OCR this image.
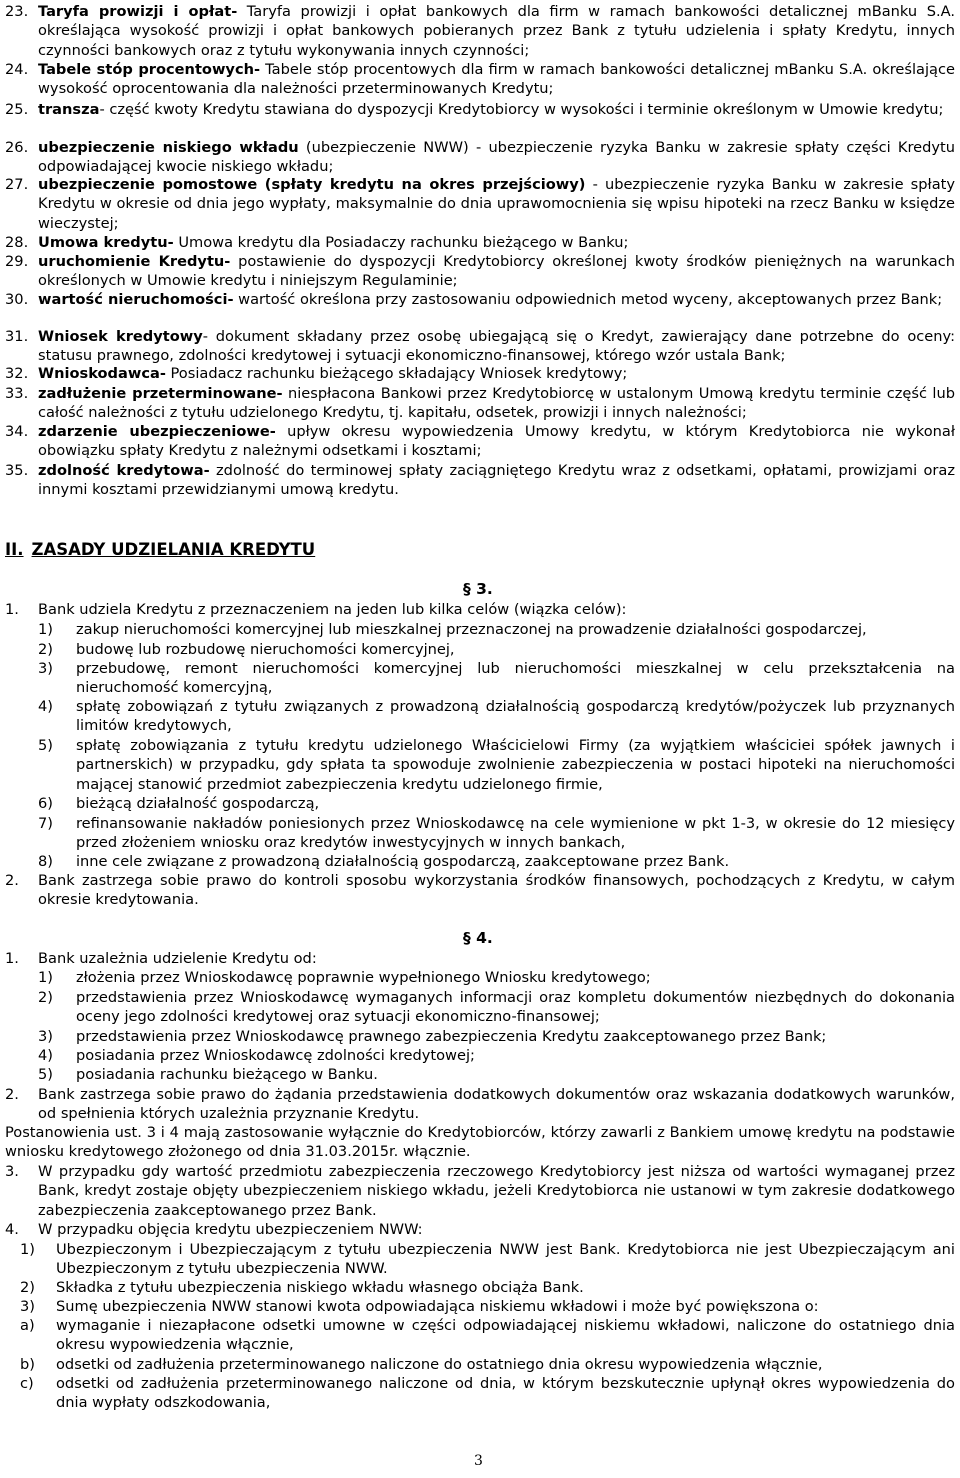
23. Taryfa prowizji i opłat- Taryfa prowizji i opłat bankowych dla firm w ramach bankowości detalicznej mBanku S.A. określająca wysokość prowizji i opłat bankowych pobieranych przez Bank z tytułu udzielenia i spłaty Kredytu, innych czynności bankowych oraz z tytułu wykonywania innych czynności;
24. Tabele stóp procentowych- Tabele stóp procentowych dla firm w ramach bankowości detalicznej mBanku S.A. określające wysokość oprocentowania dla należności przeterminowanych Kredytu;
25. transza- część kwoty Kredytu stawiana do dyspozycji Kredytobiorcy w wysokości i terminie określonym w Umowie kredytu;
26. ubezpieczenie niskiego wkładu (ubezpieczenie NWW) - ubezpieczenie ryzyka Banku w zakresie spłaty części Kredytu odpowiadającej kwocie niskiego wkładu;
27. ubezpieczenie pomostowe (spłaty kredytu na okres przejściowy) - ubezpieczenie ryzyka Banku w zakresie spłaty Kredytu w okresie od dnia jego wypłaty, maksymalnie do dnia uprawomocnienia się wpisu hipoteki na rzecz Banku w księdze wieczystej;
28. Umowa kredytu- Umowa kredytu dla Posiadaczy rachunku bieżącego w Banku;
29. uruchomienie Kredytu- postawienie do dyspozycji Kredytobiorcy określonej kwoty środków pieniężnych na warunkach określonych w Umowie kredytu i niniejszym Regulaminie;
30. wartość nieruchomości- wartość określona przy zastosowaniu odpowiednich metod wyceny, akceptowanych przez Bank;
31. Wniosek kredytowy- dokument składany przez osobę ubiegającą się o Kredyt, zawierający dane potrzebne do oceny: statusu prawnego, zdolności kredytowej i sytuacji ekonomiczno-finansowej, którego wzór ustala Bank;
32. Wnioskodawca- Posiadacz rachunku bieżącego składający Wniosek kredytowy;
33. zadłużenie przeterminowane- niespłacona Bankowi przez Kredytobiorcę w ustalonym Umową kredytu terminie część lub całość należności z tytułu udzielonego Kredytu, tj. kapitału, odsetek, prowizji i innych należności;
34. zdarzenie ubezpieczeniowe- upływ okresu wypowiedzenia Umowy kredytu, w którym Kredytobiorca nie wykonał obowiązku spłaty Kredytu z należnymi odsetkami i kosztami;
35. zdolność kredytowa- zdolność do terminowej spłaty zaciągniętego Kredytu wraz z odsetkami, opłatami, prowizjami oraz innymi kosztami przewidzianymi umową kredytu.
II. ZASADY UDZIELANIA KREDYTU
§ 3.
1.	Bank udziela Kredytu z przeznaczeniem na jeden lub kilka celów (wiązka celów):
1)	zakup nieruchomości komercyjnej lub mieszkalnej przeznaczonej na prowadzenie działalności gospodarczej,
2)	budowę lub rozbudowę nieruchomości komercyjnej,
3)	przebudowę, remont nieruchomości komercyjnej lub nieruchomości mieszkalnej w celu przekształcenia na nieruchomość komercyjną,
4)	spłatę zobowiązań z tytułu związanych z prowadzoną działalnością gospodarczą kredytów/pożyczek lub przyznanych limitów kredytowych,
5)	spłatę zobowiązania z tytułu kredytu udzielonego Właścicielowi Firmy (za wyjątkiem właściciei spółek jawnych i partnerskich) w przypadku, gdy spłata ta spowoduje zwolnienie zabezpieczenia w postaci hipoteki na nieruchomości mającej stanowić przedmiot zabezpieczenia kredytu udzielonego firmie,
6)	bieżącą działalność gospodarczą,
7)	refinansowanie nakładów poniesionych przez Wnioskodawcę na cele wymienione w pkt 1-3, w okresie do 12 miesięcy przed złożeniem wniosku oraz kredytów inwestycyjnych w innych bankach,
8)	inne cele związane z prowadzoną działalnością gospodarczą, zaakceptowane przez Bank.
2.	Bank zastrzega sobie prawo do kontroli sposobu wykorzystania środków finansowych, pochodzących z Kredytu, w całym okresie kredytowania.
§ 4.
1.	Bank uzależnia udzielenie Kredytu od:
1)	złożenia przez Wnioskodawcę poprawnie wypełnionego Wniosku kredytowego;
2)	przedstawienia przez Wnioskodawcę wymaganych informacji oraz kompletu dokumentów niezbędnych do dokonania oceny jego zdolności kredytowej oraz sytuacji ekonomiczno-finansowej;
3)	przedstawienia przez Wnioskodawcę prawnego zabezpieczenia Kredytu zaakceptowanego przez Bank;
4)	posiadania przez Wnioskodawcę zdolności kredytowej;
5)	posiadania rachunku bieżącego w Banku.
2.	Bank zastrzega sobie prawo do żądania przedstawienia dodatkowych dokumentów oraz wskazania dodatkowych warunków, od spełnienia których uzależnia przyznanie Kredytu.
Postanowienia ust. 3 i 4 mają zastosowanie wyłącznie do Kredytobiorców, którzy zawarli z Bankiem umowę kredytu na podstawie wniosku kredytowego złożonego od dnia 31.03.2015r. włącznie.
3.	W przypadku gdy wartość przedmiotu zabezpieczenia rzeczowego Kredytobiorcy jest niższa od wartości wymaganej przez Bank, kredyt zostaje objęty ubezpieczeniem niskiego wkładu, jeżeli Kredytobiorca nie ustanowi w tym zakresie dodatkowego zabezpieczenia zaakceptowanego przez Bank.
4.	W przypadku objęcia kredytu ubezpieczeniem NWW:
1)	Ubezpieczonym i Ubezpieczającym z tytułu ubezpieczenia NWW jest Bank. Kredytobiorca nie jest Ubezpieczającym ani Ubezpieczonym z tytułu ubezpieczenia NWW.
2)	Składka z tytułu ubezpieczenia niskiego wkładu własnego obciąża Bank.
3)	Sumę ubezpieczenia NWW stanowi kwota odpowiadająca niskiemu wkładowi i może być powiększona o:
a)	wymaganie i niezapłacone odsetki umowne w części odpowiadającej niskiemu wkładowi, naliczone do ostatniego dnia okresu wypowiedzenia włącznie,
b)	odsetki od zadłużenia przeterminowanego naliczone do ostatniego dnia okresu wypowiedzenia włącznie,
c)	odsetki od zadłużenia przeterminowanego naliczone od dnia, w którym bezskutecznie upłynął okres wypowiedzenia do dnia wypłaty odszkodowania,
3
